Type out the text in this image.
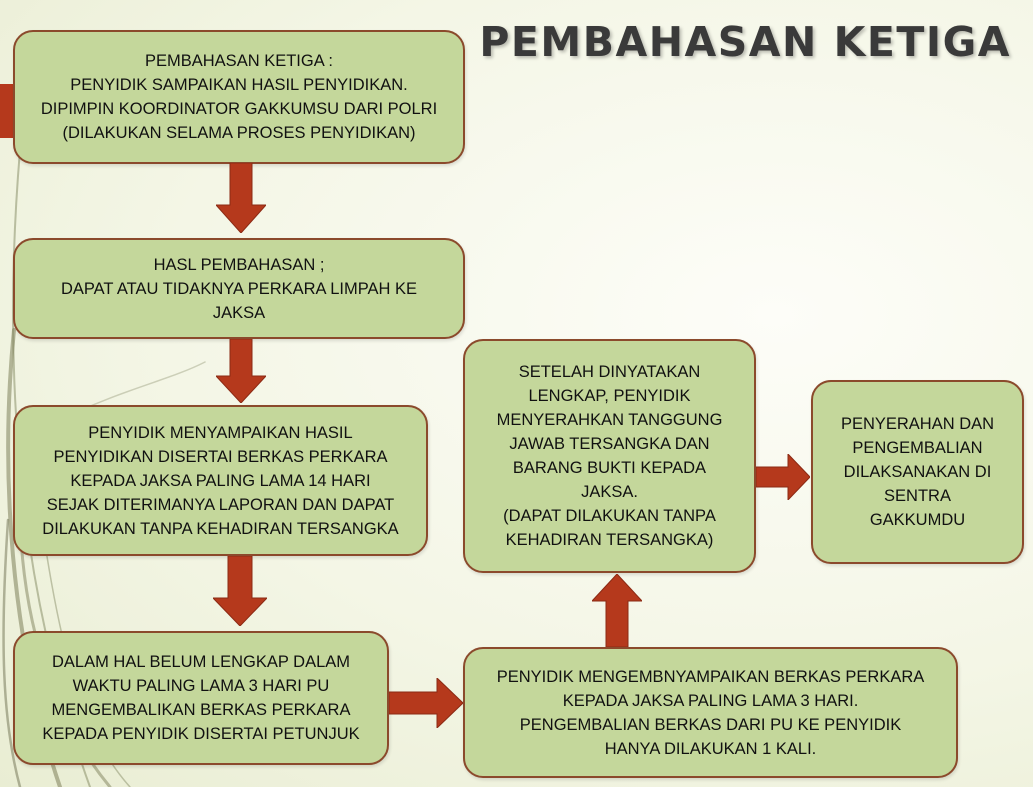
PEMBAHASAN KETIGA
PEMBAHASAN KETIGA :
PENYIDIK SAMPAIKAN HASIL PENYIDIKAN.
DIPIMPIN KOORDINATOR GAKKUMSU DARI POLRI
(DILAKUKAN SELAMA PROSES PENYIDIKAN)
HASL PEMBAHASAN ;
DAPAT ATAU TIDAKNYA PERKARA LIMPAH KE
JAKSA
PENYIDIK MENYAMPAIKAN HASIL
PENYIDIKAN DISERTAI BERKAS PERKARA
KEPADA JAKSA PALING LAMA 14 HARI
SEJAK DITERIMANYA LAPORAN DAN DAPAT
DILAKUKAN TANPA KEHADIRAN TERSANGKA
DALAM HAL BELUM LENGKAP DALAM
WAKTU PALING LAMA 3 HARI PU
MENGEMBALIKAN BERKAS PERKARA
KEPADA PENYIDIK DISERTAI PETUNJUK
PENYIDIK MENGEMBNYAMPAIKAN BERKAS PERKARA
KEPADA JAKSA PALING LAMA 3 HARI.
PENGEMBALIAN BERKAS DARI PU KE PENYIDIK
HANYA DILAKUKAN 1 KALI.
SETELAH DINYATAKAN
LENGKAP, PENYIDIK
MENYERAHKAN TANGGUNG
JAWAB TERSANGKA DAN
BARANG BUKTI KEPADA
JAKSA.
(DAPAT DILAKUKAN TANPA
KEHADIRAN TERSANGKA)
PENYERAHAN DAN
PENGEMBALIAN
DILAKSANAKAN DI
SENTRA
GAKKUMDU
